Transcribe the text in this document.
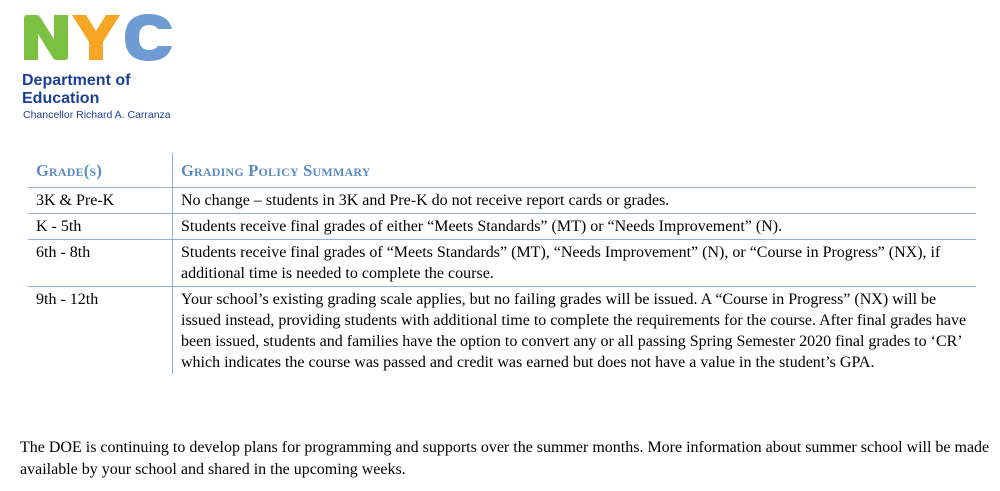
Department of
Education
Chancellor Richard A. Carranza
Grade(s)	Grading Policy Summary
3K & Pre-K	No change – students in 3K and Pre-K do not receive report cards or grades.
K - 5th	Students receive final grades of either “Meets Standards” (MT) or “Needs Improvement” (N).
6th - 8th	Students receive final grades of “Meets Standards” (MT), “Needs Improvement” (N), or “Course in Progress” (NX), if additional time is needed to complete the course.
9th - 12th	Your school’s existing grading scale applies, but no failing grades will be issued. A “Course in Progress” (NX) will be issued instead, providing students with additional time to complete the requirements for the course. After final grades have been issued, students and families have the option to convert any or all passing Spring Semester 2020 final grades to ‘CR’ which indicates the course was passed and credit was earned but does not have a value in the student’s GPA.
The DOE is continuing to develop plans for programming and supports over the summer months. More information about summer school will be made available by your school and shared in the upcoming weeks.
